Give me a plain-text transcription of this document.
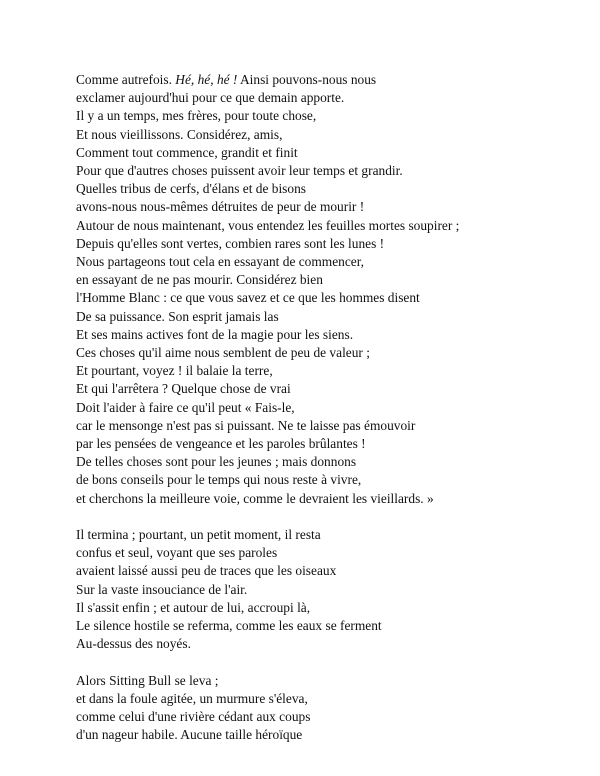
Comme autrefois. Hé, hé, hé ! Ainsi pouvons-nous nous
exclamer aujourd'hui pour ce que demain apporte.
Il y a un temps, mes frères, pour toute chose,
Et nous vieillissons. Considérez, amis,
Comment tout commence, grandit et finit
Pour que d'autres choses puissent avoir leur temps et grandir.
Quelles tribus de cerfs, d'élans et de bisons
avons-nous nous-mêmes détruites de peur de mourir !
Autour de nous maintenant, vous entendez les feuilles mortes soupirer ;
Depuis qu'elles sont vertes, combien rares sont les lunes !
Nous partageons tout cela en essayant de commencer,
en essayant de ne pas mourir. Considérez bien
l'Homme Blanc : ce que vous savez et ce que les hommes disent
De sa puissance. Son esprit jamais las
Et ses mains actives font de la magie pour les siens.
Ces choses qu'il aime nous semblent de peu de valeur ;
Et pourtant, voyez ! il balaie la terre,
Et qui l'arrêtera ? Quelque chose de vrai
Doit l'aider à faire ce qu'il peut « Fais-le,
car le mensonge n'est pas si puissant. Ne te laisse pas émouvoir
par les pensées de vengeance et les paroles brûlantes !
De telles choses sont pour les jeunes ; mais donnons
de bons conseils pour le temps qui nous reste à vivre,
et cherchons la meilleure voie, comme le devraient les vieillards. »
Il termina ; pourtant, un petit moment, il resta
confus et seul, voyant que ses paroles
avaient laissé aussi peu de traces que les oiseaux
Sur la vaste insouciance de l'air.
Il s'assit enfin ; et autour de lui, accroupi là,
Le silence hostile se referma, comme les eaux se ferment
Au-dessus des noyés.
Alors Sitting Bull se leva ;
et dans la foule agitée, un murmure s'éleva,
comme celui d'une rivière cédant aux coups
d'un nageur habile. Aucune taille héroïque
